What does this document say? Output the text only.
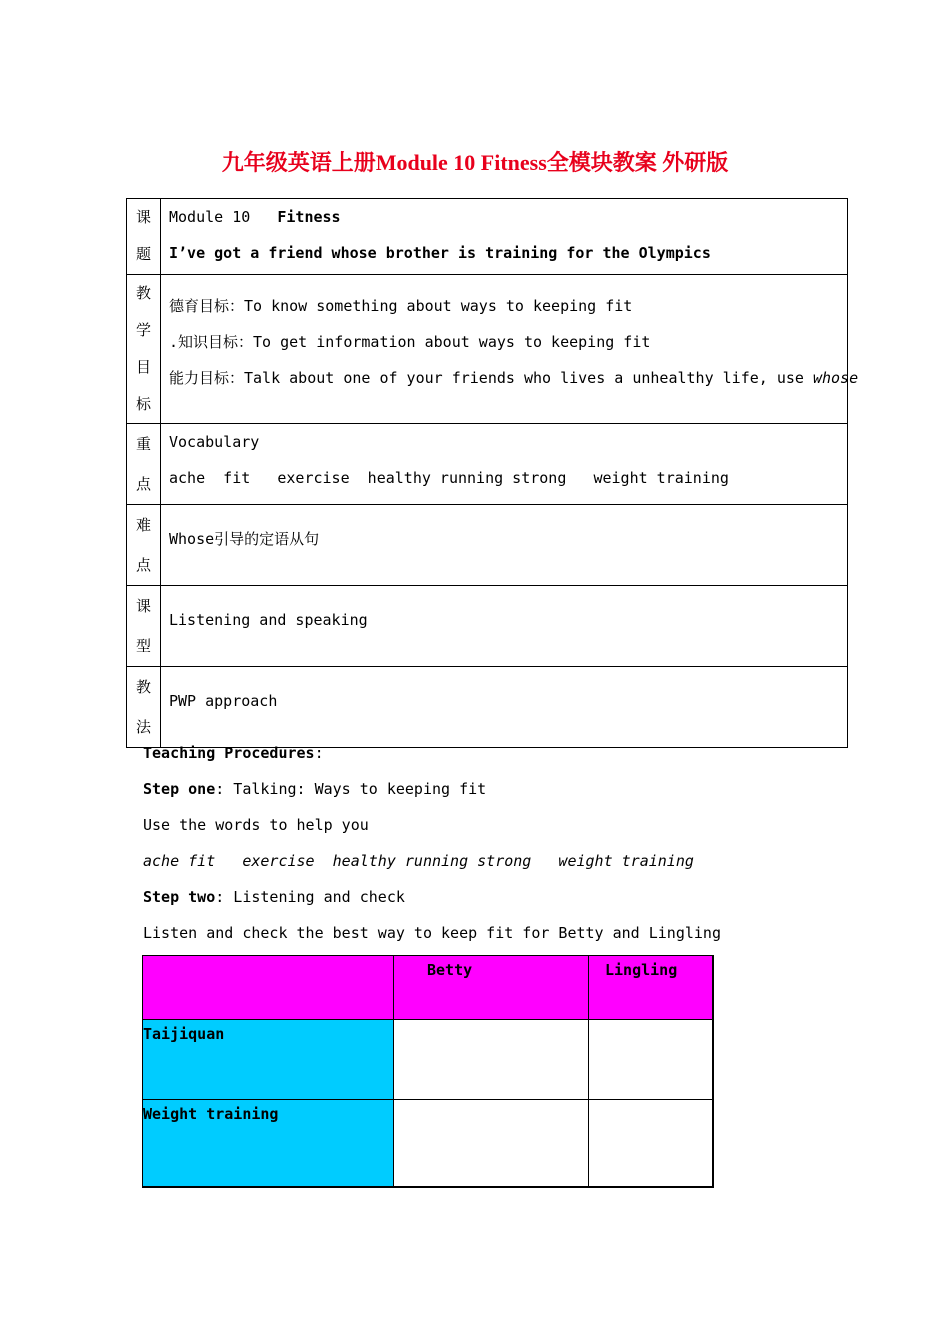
九年级英语上册Module 10 Fitness全模块教案 外研版
课
题	Module 10   Fitness
I’ve got a friend whose brother is training for the Olympics

教
学
目
标	德育目标：To know something about ways to keeping fit
.知识目标：To get information about ways to keeping fit
能力目标：Talk about one of your friends who lives a unhealthy life, use whose

重
点	Vocabulary
ache  fit   exercise  healthy running strong   weight training

难
点	Whose引导的定语从句

课
型	Listening and speaking

教
法	PWP approach
Teaching Procedures:
Step one: Talking: Ways to keeping fit
Use the words to help you
ache fit   exercise  healthy running strong   weight training
Step two: Listening and check
Listen and check the best way to keep fit for Betty and Lingling

	Betty	Lingling

Taijiquan		

Weight training		
